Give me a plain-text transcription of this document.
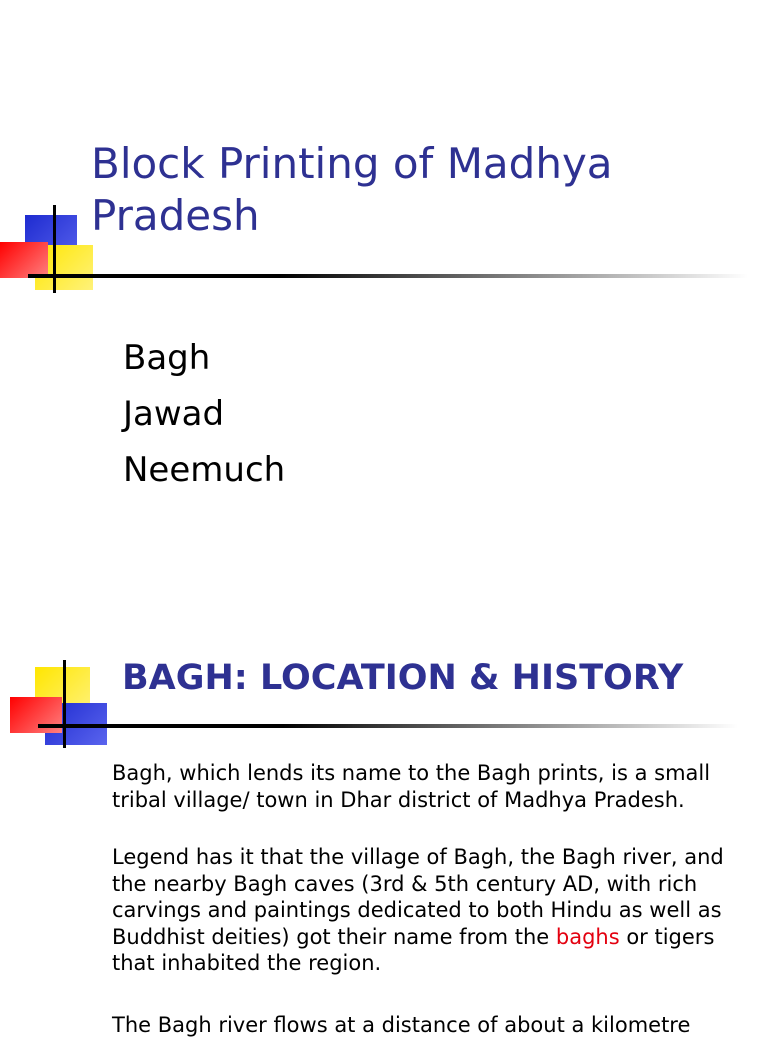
Block Printing of Madhya Pradesh
Bagh
Jawad
Neemuch
BAGH: LOCATION & HISTORY

Bagh, which lends its name to the Bagh prints, is a small tribal village/ town in Dhar district of Madhya Pradesh.

Legend has it that the village of Bagh, the Bagh river, and the nearby Bagh caves (3rd & 5th century AD, with rich carvings and paintings dedicated to both Hindu as well as Buddhist deities) got their name from the baghs or tigers that inhabited the region.

The Bagh river flows at a distance of about a kilometre
